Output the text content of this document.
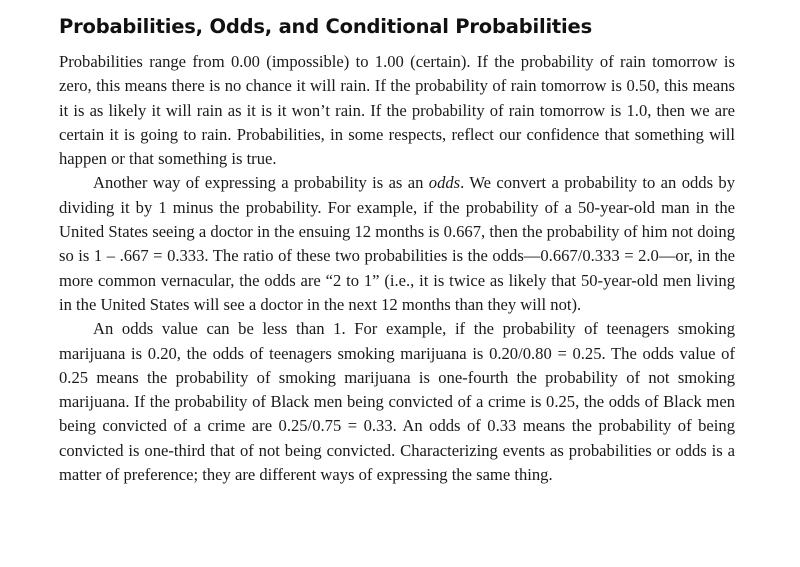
Probabilities, Odds, and Conditional Probabilities

Probabilities range from 0.00 (impossible) to 1.00 (certain). If the probability of rain tomorrow is zero, this means there is no chance it will rain. If the probability of rain tomorrow is 0.50, this means it is as likely it will rain as it is it won’t rain. If the probability of rain tomorrow is 1.0, then we are certain it is going to rain. Probabilities, in some respects, reflect our confidence that something will happen or that something is true.

Another way of expressing a probability is as an odds. We convert a probability to an odds by dividing it by 1 minus the probability. For example, if the probability of a 50-year-old man in the United States seeing a doctor in the ensuing 12 months is 0.667, then the probability of him not doing so is 1 – .667 = 0.333. The ratio of these two probabilities is the odds—0.667/0.333 = 2.0—or, in the more common vernacular, the odds are “2 to 1” (i.e., it is twice as likely that 50-year-old men living in the United States will see a doctor in the next 12 months than they will not).

An odds value can be less than 1. For example, if the probability of teenagers smoking marijuana is 0.20, the odds of teenagers smoking marijuana is 0.20/0.80 = 0.25. The odds value of 0.25 means the probability of smoking marijuana is one-fourth the probability of not smoking marijuana. If the probability of Black men being convicted of a crime is 0.25, the odds of Black men being convicted of a crime are 0.25/0.75 = 0.33. An odds of 0.33 means the probability of being convicted is one-third that of not being convicted. Characterizing events as probabilities or odds is a matter of preference; they are different ways of expressing the same thing.
